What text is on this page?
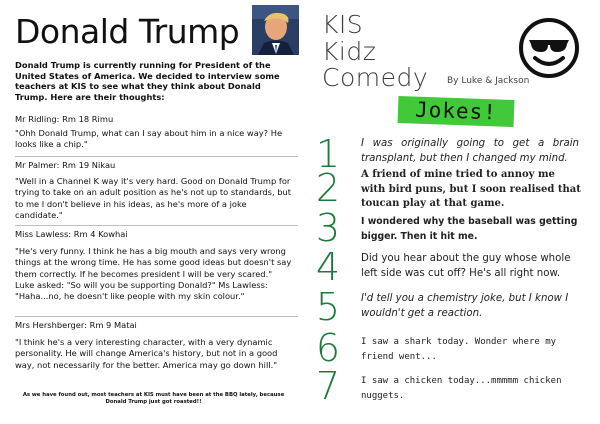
Donald Trump
Donald Trump is currently running for President of the United States of America. We decided to interview some teachers at KIS to see what they think about Donald Trump. Here are their thoughts:
Mr Ridling: Rm 18 Rimu
"Ohh Donald Trump, what can I say about him in a nice way? He looks like a chip."
Mr Palmer: Rm 19 Nikau
"Well in a Channel K way it's very hard. Good on Donald Trump for trying to take on an adult position as he's not up to standards, but to me I don't believe in his ideas, as he's more of a joke candidate."
Miss Lawless: Rm 4 Kowhai
"He's very funny. I think he has a big mouth and says very wrong things at the wrong time. He has some good ideas but doesn't say them correctly. If he becomes president I will be very scared." Luke asked: "So will you be supporting Donald?" Ms Lawless: "Haha...no, he doesn't like people with my skin colour."
Mrs Hershberger: Rm 9 Matai
"I think he's a very interesting character, with a very dynamic personality. He will change America's history, but not in a good way, not necessarily for the better. America may go down hill."
As we have found out, most teachers at KIS must have been at the BBQ lately, because Donald Trump just got roasted!!
KIS
Kidz
Comedy By Luke & Jackson
Jokes!
1 I was originally going to get a brain transplant, but then I changed my mind.
2 A friend of mine tried to annoy me with bird puns, but I soon realised that toucan play at that game.
3	I wondered why the baseball was getting bigger. Then it hit me.
4 Did you hear about the guy whose whole left side was cut off? He's all right now.
5 I'd tell you a chemistry joke, but I know I wouldn't get a reaction.
6	I saw a shark today. Wonder where my friend went...
7	I saw a chicken today...mmmmm chicken nuggets.
